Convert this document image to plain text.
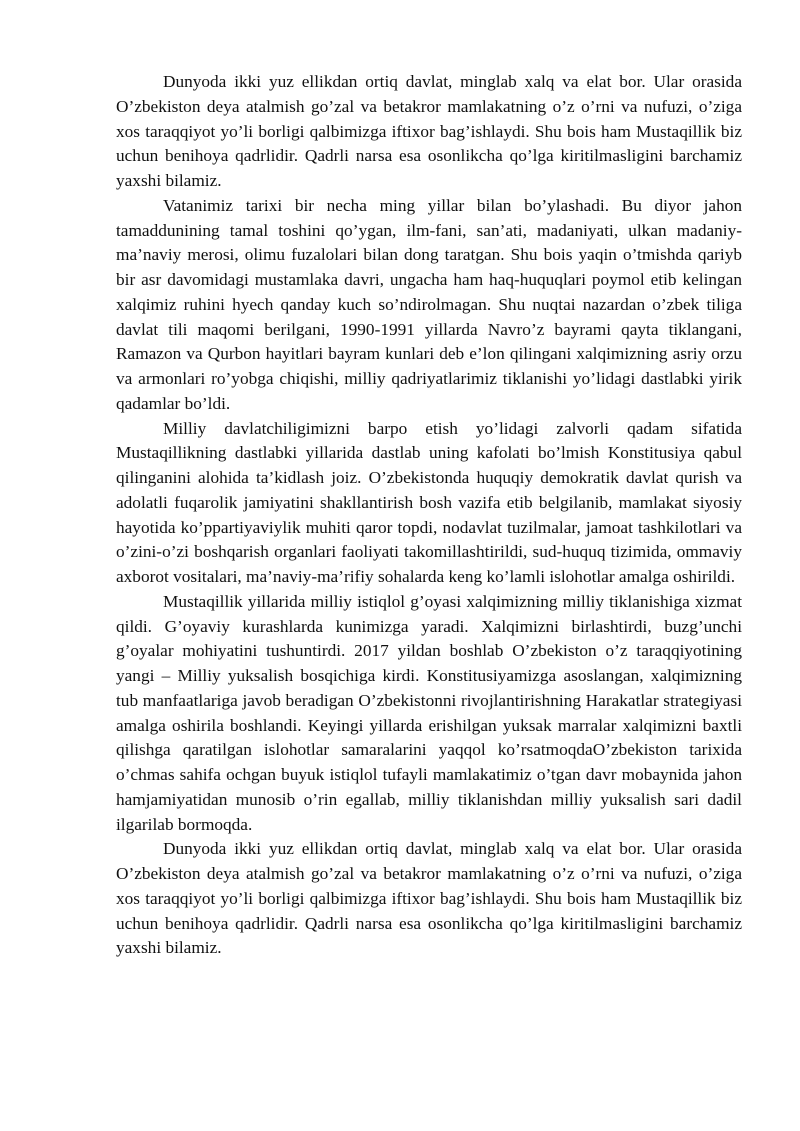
Dunyoda ikki yuz ellikdan ortiq davlat, minglab xalq va elat bor. Ular orasida O’zbekiston deya atalmish go’zal va betakror mamlakatning o’z o’rni va nufuzi, o’ziga xos taraqqiyot yo’li borligi qalbimizga iftixor bag’ishlaydi. Shu bois ham Mustaqillik biz uchun benihoya qadrlidir. Qadrli narsa esa osonlikcha qo’lga kiritilmasligini barchamiz yaxshi bilamiz.

Vatanimiz tarixi bir necha ming yillar bilan bo’ylashadi. Bu diyor jahon tamaddunining tamal toshini qo’ygan, ilm-fani, san’ati, madaniyati, ulkan madaniy-ma’naviy merosi, olimu fuzalolari bilan dong taratgan. Shu bois yaqin o’tmishda qariyb bir asr davomidagi mustamlaka davri, ungacha ham haq-huquqlari poymol etib kelingan xalqimiz ruhini hyech qanday kuch so’ndirolmagan. Shu nuqtai nazardan o’zbek tiliga davlat tili maqomi berilgani, 1990-1991 yillarda Navro’z bayrami qayta tiklangani, Ramazon va Qurbon hayitlari bayram kunlari deb e’lon qilingani xalqimizning asriy orzu va armonlari ro’yobga chiqishi, milliy qadriyatlarimiz tiklanishi yo’lidagi dastlabki yirik qadamlar bo’ldi.

Milliy davlatchiligimizni barpo etish yo’lidagi zalvorli qadam sifatida Mustaqillikning dastlabki yillarida dastlab uning kafolati bo’lmish Konstitusiya qabul qilinganini alohida ta’kidlash joiz. O’zbekistonda huquqiy demokratik davlat qurish va adolatli fuqarolik jamiyatini shakllantirish bosh vazifa etib belgilanib, mamlakat siyosiy hayotida ko’ppartiyaviylik muhiti qaror topdi, nodavlat tuzilmalar, jamoat tashkilotlari va o’zini-o’zi boshqarish organlari faoliyati takomillashtirildi, sud-huquq tizimida, ommaviy axborot vositalari, ma’naviy-ma’rifiy sohalarda keng ko’lamli islohotlar amalga oshirildi.

Mustaqillik yillarida milliy istiqlol g’oyasi xalqimizning milliy tiklanishiga xizmat qildi. G’oyaviy kurashlarda kunimizga yaradi. Xalqimizni birlashtirdi, buzg’unchi g’oyalar mohiyatini tushuntirdi. 2017 yildan boshlab O’zbekiston o’z taraqqiyotining yangi – Milliy yuksalish bosqichiga kirdi. Konstitusiyamizga asoslangan, xalqimizning tub manfaatlariga javob beradigan O’zbekistonni rivojlantirishning Harakatlar strategiyasi amalga oshirila boshlandi. Keyingi yillarda erishilgan yuksak marralar xalqimizni baxtli qilishga qaratilgan islohotlar samaralarini yaqqol ko’rsatmoqdaO’zbekiston tarixida o’chmas sahifa ochgan buyuk istiqlol tufayli mamlakatimiz o’tgan davr mobaynida jahon hamjamiyatidan munosib o’rin egallab, milliy tiklanishdan milliy yuksalish sari dadil ilgarilab bormoqda.

Dunyoda ikki yuz ellikdan ortiq davlat, minglab xalq va elat bor. Ular orasida O’zbekiston deya atalmish go’zal va betakror mamlakatning o’z o’rni va nufuzi, o’ziga xos taraqqiyot yo’li borligi qalbimizga iftixor bag’ishlaydi. Shu bois ham Mustaqillik biz uchun benihoya qadrlidir. Qadrli narsa esa osonlikcha qo’lga kiritilmasligini barchamiz yaxshi bilamiz.
